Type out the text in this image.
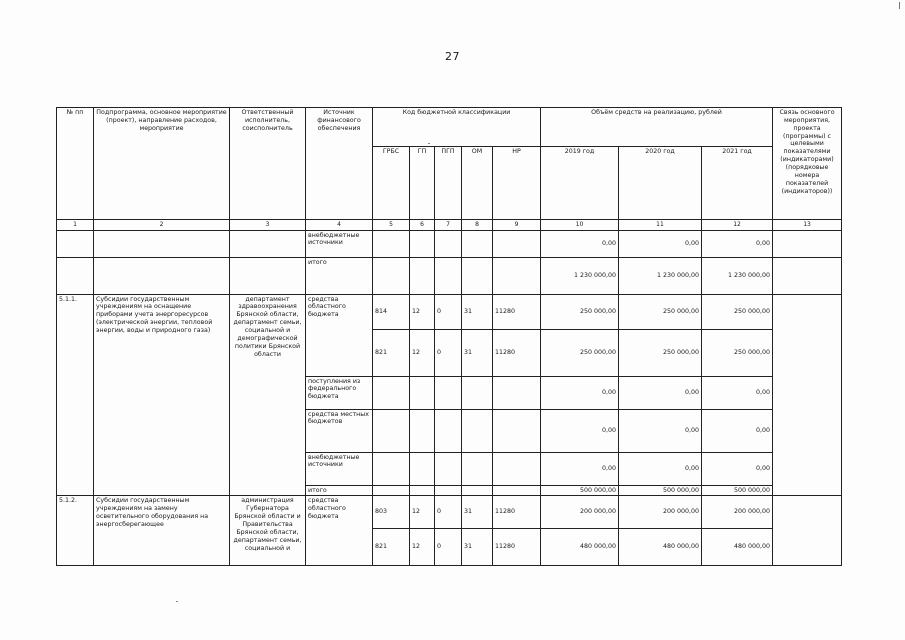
27
№ пп	Подпрограмма, основное мероприятие (проект), направление расходов, мероприятие	Ответственный исполнитель, соисполнитель	Источник финансового обеспечения	Код бюджетной классификации					Объём средств на реализацию, рублей			Связь основного мероприятия, проекта (программы) с целевыми показателями (индикаторами) (порядковые номера показателей (индикаторов))
				ГРБС	ГП	ПГП	ОМ	НР	2019 год	2020 год	2021 год	
1	2	3	4	5	6	7	8	9	10	11	12	13
			внебюджетные источники						0,00	0,00	0,00	
			итого						1 230 000,00	1 230 000,00	1 230 000,00	
5.1.1.	Субсидии государственным учреждениям на оснащение приборами учета энергоресурсов (электрической энергии, тепловой энергии, воды и природного газа)	департамент здравоохранения Брянской области, департамент семьи, социальной и демографической политики Брянской области	средства областного бюджета	814	12	0	31	11280	250 000,00	250 000,00	250 000,00	
				821	12	0	31	11280	250 000,00	250 000,00	250 000,00	
			поступления из федерального бюджета						0,00	0,00	0,00	
			средства местных бюджетов						0,00	0,00	0,00	
			внебюджетные источники						0,00	0,00	0,00	
			итого						500 000,00	500 000,00	500 000,00	
5.1.2.	Субсидии государственным учреждениям на замену осветительного оборудования на энергосберегающее	администрация Губернатора Брянской области и Правительства Брянской области, департамент семьи, социальной и	средства областного бюджета	803	12	0	31	11280	200 000,00	200 000,00	200 000,00	
				821	12	0	31	11280	480 000,00	480 000,00	480 000,00	
